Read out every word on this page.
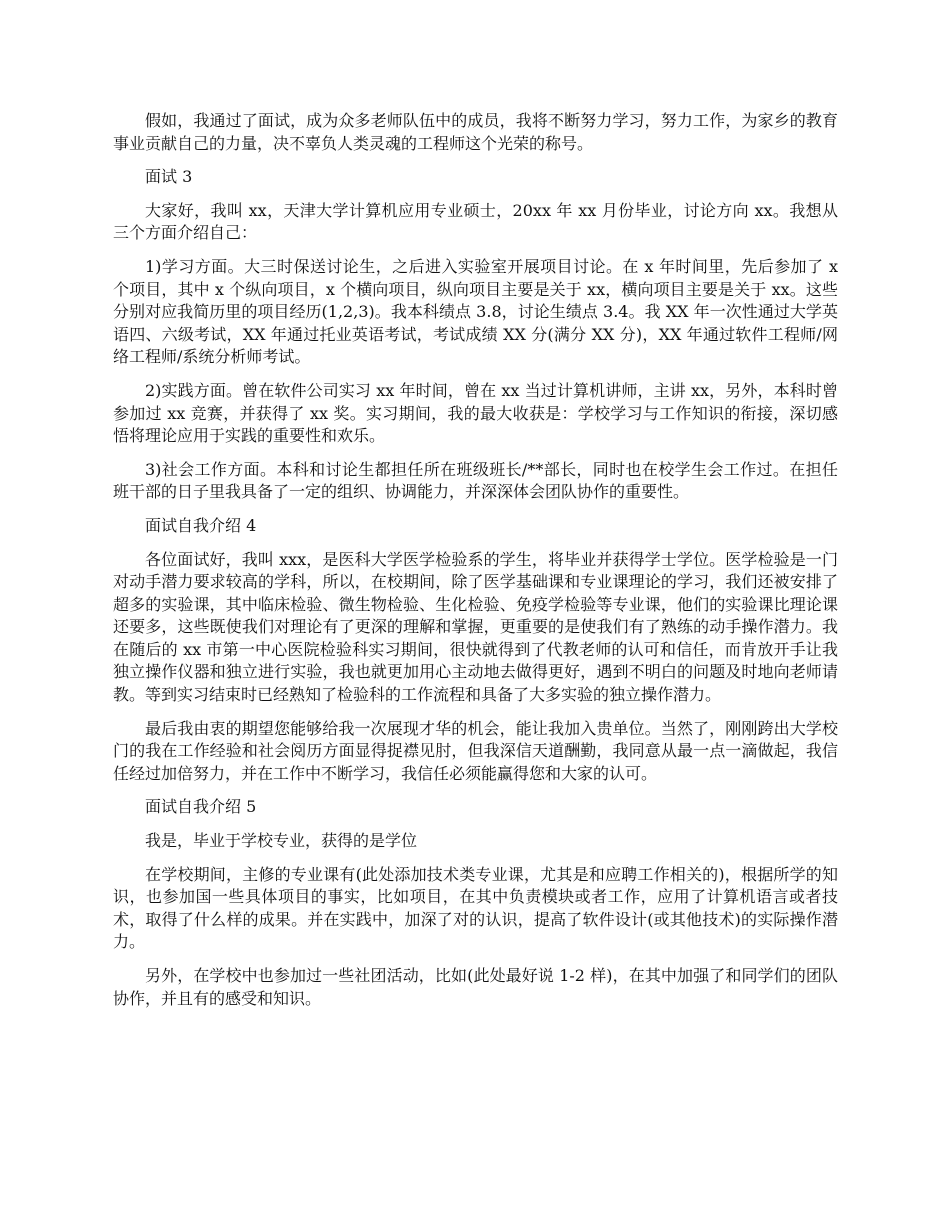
假如，我通过了面试，成为众多老师队伍中的成员，我将不断努力学习，努力工作，为家乡的教育事业贡献自己的力量，决不辜负人类灵魂的工程师这个光荣的称号。

面试 3

大家好，我叫 xx，天津大学计算机应用专业硕士，20xx 年 xx 月份毕业，讨论方向 xx。我想从三个方面介绍自己：

1)学习方面。大三时保送讨论生，之后进入实验室开展项目讨论。在 x 年时间里，先后参加了 x 个项目，其中 x 个纵向项目，x 个横向项目，纵向项目主要是关于 xx，横向项目主要是关于 xx。这些分别对应我简历里的项目经历(1,2,3)。我本科绩点 3.8，讨论生绩点 3.4。我 XX 年一次性通过大学英语四、六级考试，XX 年通过托业英语考试，考试成绩 XX 分(满分 XX 分)，XX 年通过软件工程师/网络工程师/系统分析师考试。

2)实践方面。曾在软件公司实习 xx 年时间，曾在 xx 当过计算机讲师，主讲 xx，另外，本科时曾参加过 xx 竞赛，并获得了 xx 奖。实习期间，我的最大收获是：学校学习与工作知识的衔接，深切感悟将理论应用于实践的重要性和欢乐。

3)社会工作方面。本科和讨论生都担任所在班级班长/**部长，同时也在校学生会工作过。在担任班干部的日子里我具备了一定的组织、协调能力，并深深体会团队协作的重要性。

面试自我介绍 4

各位面试好，我叫 xxx，是医科大学医学检验系的学生，将毕业并获得学士学位。医学检验是一门对动手潜力要求较高的学科，所以，在校期间，除了医学基础课和专业课理论的学习，我们还被安排了超多的实验课，其中临床检验、微生物检验、生化检验、免疫学检验等专业课，他们的实验课比理论课还要多，这些既使我们对理论有了更深的理解和掌握，更重要的是使我们有了熟练的动手操作潜力。我在随后的 xx 市第一中心医院检验科实习期间，很快就得到了代教老师的认可和信任，而肯放开手让我独立操作仪器和独立进行实验，我也就更加用心主动地去做得更好，遇到不明白的问题及时地向老师请教。等到实习结束时已经熟知了检验科的工作流程和具备了大多实验的独立操作潜力。

最后我由衷的期望您能够给我一次展现才华的机会，能让我加入贵单位。当然了，刚刚跨出大学校门的我在工作经验和社会阅历方面显得捉襟见肘，但我深信天道酬勤，我同意从最一点一滴做起，我信任经过加倍努力，并在工作中不断学习，我信任必须能赢得您和大家的认可。

面试自我介绍 5

我是，毕业于学校专业，获得的是学位

在学校期间，主修的专业课有(此处添加技术类专业课，尤其是和应聘工作相关的)，根据所学的知识，也参加国一些具体项目的事实，比如项目，在其中负责模块或者工作，应用了计算机语言或者技术，取得了什么样的成果。并在实践中，加深了对的认识，提高了软件设计(或其他技术)的实际操作潜力。

另外，在学校中也参加过一些社团活动，比如(此处最好说 1-2 样)，在其中加强了和同学们的团队协作，并且有的感受和知识。
